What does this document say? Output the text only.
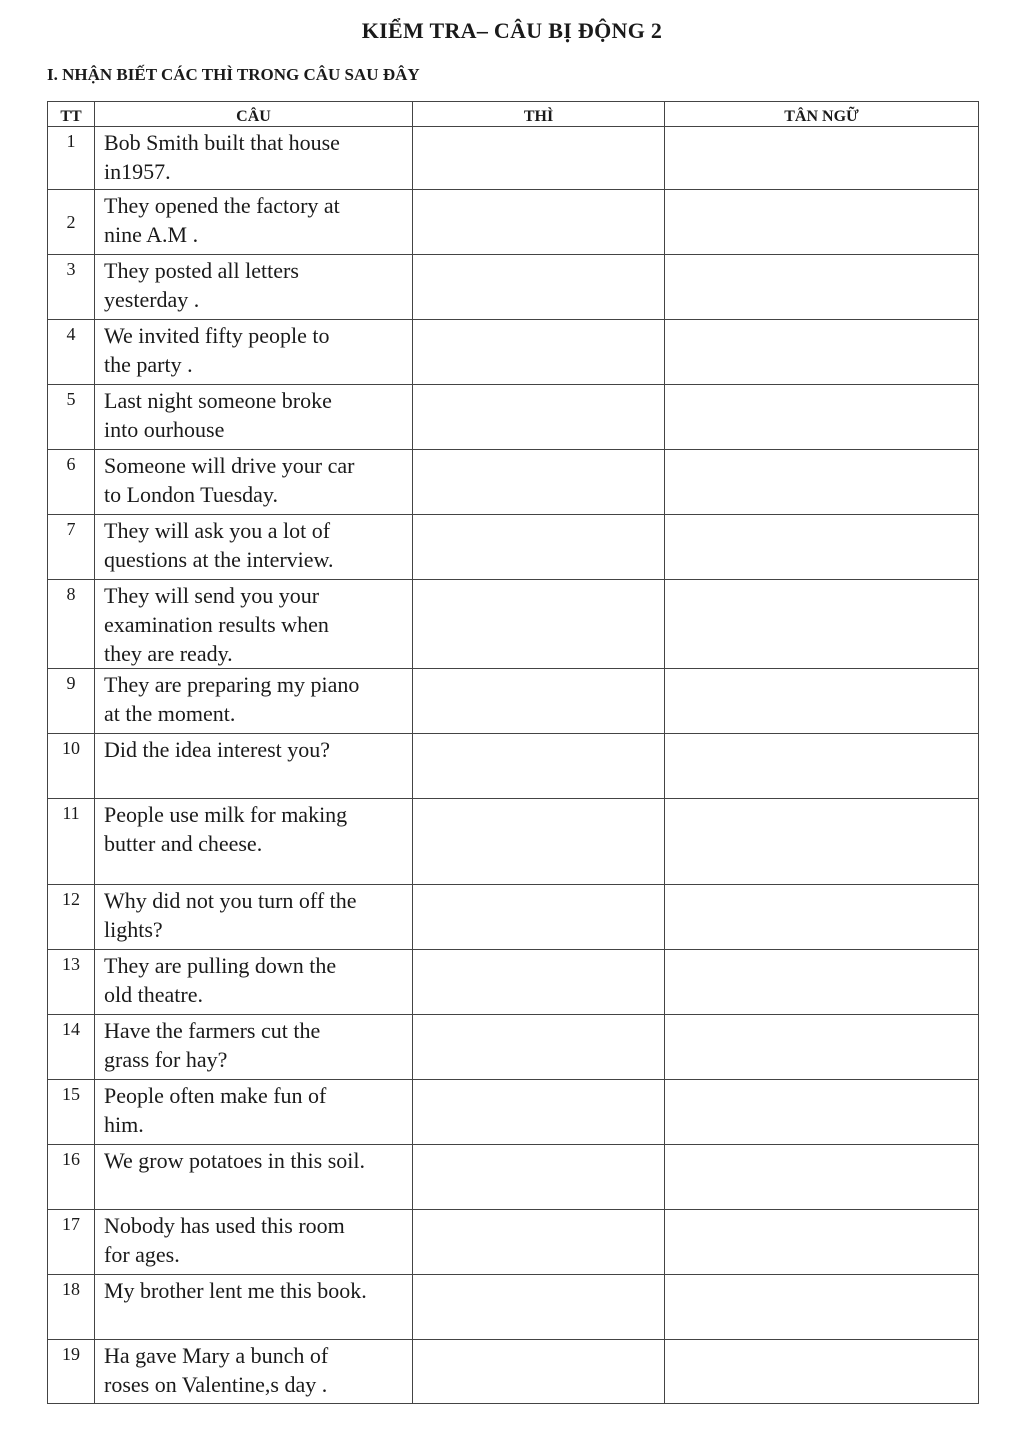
KIỂM TRA– CÂU BỊ ĐỘNG 2
I. NHẬN BIẾT CÁC THÌ TRONG CÂU SAU ĐÂY
TT	CÂU	THÌ	TÂN NGỮ
1	Bob Smith built that house
in1957.		
2	They opened the factory at
nine A.M .		
3	They posted all letters
yesterday .		
4	We invited fifty people to
the party .		
5	Last night someone broke
into ourhouse		
6	Someone will drive your car
to London Tuesday.		
7	They will ask you a lot of
questions at the interview.		
8	They will send you your
examination results when
they are ready.		
9	They are preparing my piano
at the moment.		
10	Did the idea interest you?		
11	People use milk for making
butter and cheese.		
12	Why did not you turn off the
lights?		
13	They are pulling down the
old theatre.		
14	Have the farmers cut the
grass for hay?		
15	People often make fun of
him.		
16	We grow potatoes in this soil.		
17	Nobody has used this room
for ages.		
18	My brother lent me this book.		
19	Ha gave Mary a bunch of
roses on Valentine,s day .		
